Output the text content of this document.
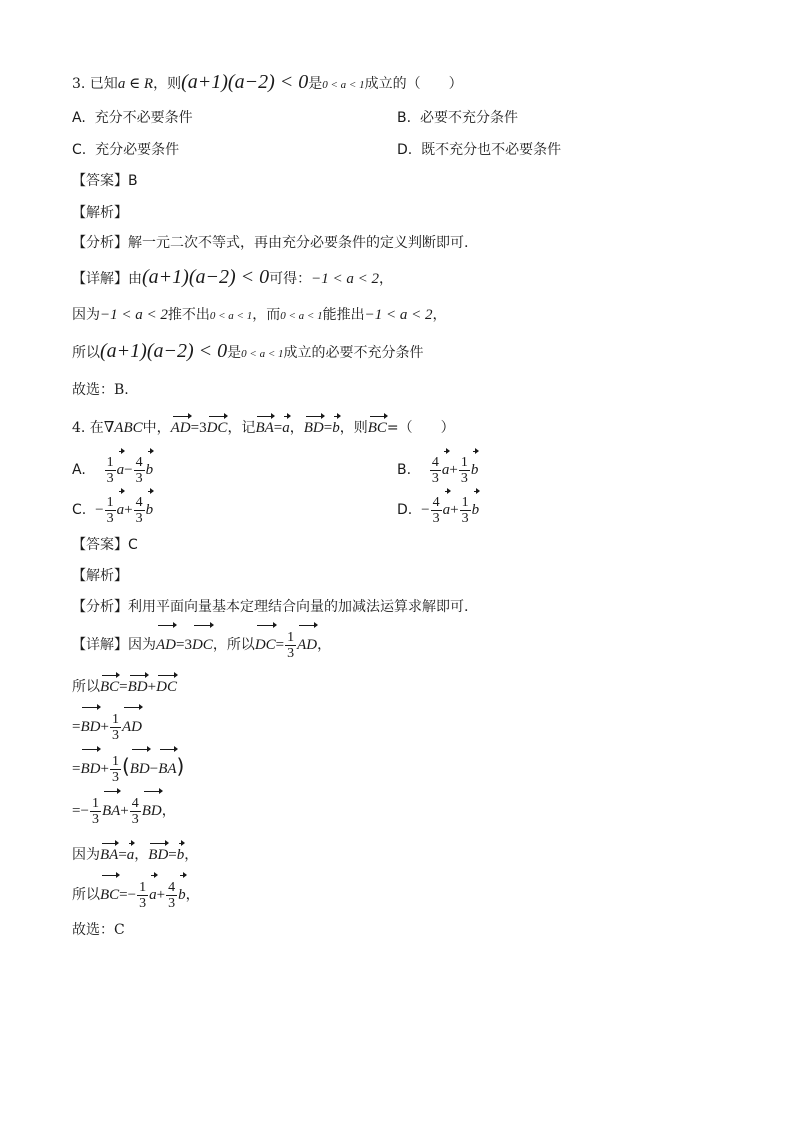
3. 已知a ∈ R，则(a+1)(a−2) < 0是0 < a < 1成立的（　　）
A. 充分不必要条件	B. 必要不充分条件
C. 充分必要条件	D. 既不充分也不必要条件
【答案】B
【解析】
【分析】解一元二次不等式，再由充分必要条件的定义判断即可.
【详解】由(a+1)(a−2) < 0可得：−1 < a < 2，
因为−1 < a < 2推不出0 < a < 1，而0 < a < 1能推出−1 < a < 2，
所以(a+1)(a−2) < 0是0 < a < 1成立的必要不充分条件
故选：B.
4. 在∇ABC中，AD=3DC，记BA=a，BD=b，则BC=（　　）
A. $\frac{1}{3} a- \frac{4}{3}$ b	B. $\frac{4}{3} a+ \frac{1}{3}$ b
C. − $\frac{1}{3} a+ \frac{4}{3}$ b	D. − $\frac{4}{3} a+ \frac{1}{3}$ b
【答案】C
【解析】
【分析】利用平面向量基本定理结合向量的加减法运算求解即可.
【详解】因为AD=3DC，所以$DC= \frac{1}{3}$ AD，
所以BC=BD+DC
$=BD+ \frac{1}{3}$ AD
$=BD+ \frac{1}{3} (BD-BA)$
=− $\frac{1}{3} BA+ \frac{4}{3}$ BD，
因为BA=a，BD=b，
所以$BC=- \frac{1}{3} a+ \frac{4}{3}$ b，
故选：C
